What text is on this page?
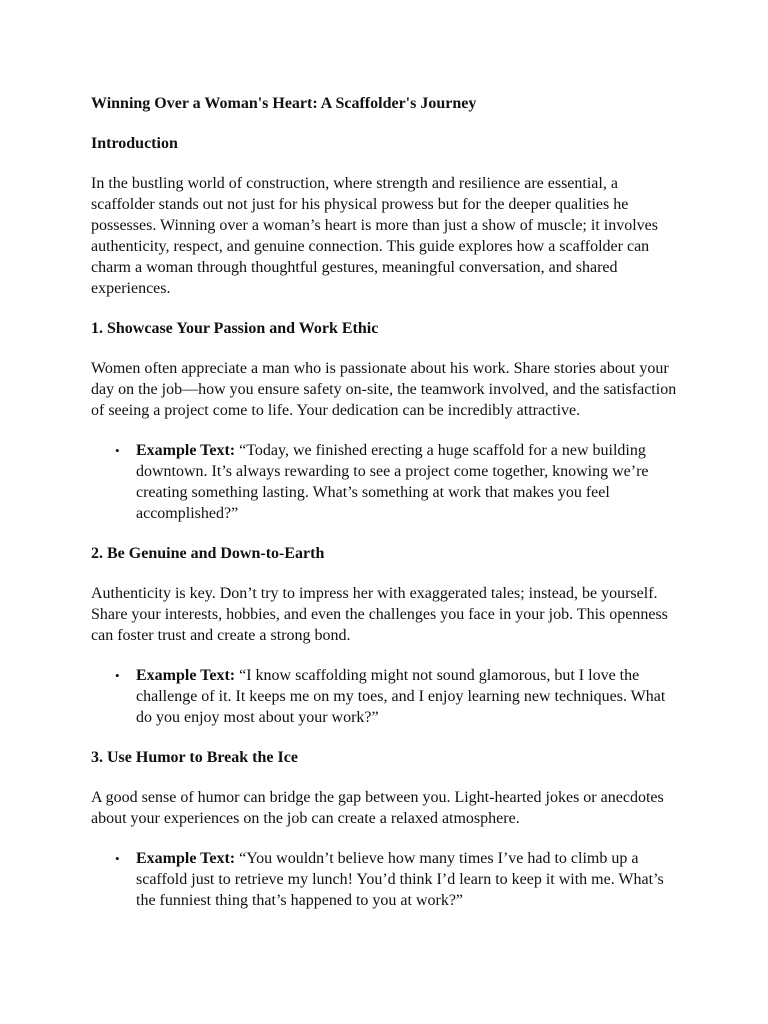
Winning Over a Woman's Heart: A Scaffolder's Journey
Introduction
In the bustling world of construction, where strength and resilience are essential, a scaffolder stands out not just for his physical prowess but for the deeper qualities he possesses. Winning over a woman’s heart is more than just a show of muscle; it involves authenticity, respect, and genuine connection. This guide explores how a scaffolder can charm a woman through thoughtful gestures, meaningful conversation, and shared experiences.
1. Showcase Your Passion and Work Ethic
Women often appreciate a man who is passionate about his work. Share stories about your day on the job—how you ensure safety on-site, the teamwork involved, and the satisfaction of seeing a project come to life. Your dedication can be incredibly attractive.
• Example Text: “Today, we finished erecting a huge scaffold for a new building downtown. It’s always rewarding to see a project come together, knowing we’re creating something lasting. What’s something at work that makes you feel accomplished?”
2. Be Genuine and Down-to-Earth
Authenticity is key. Don’t try to impress her with exaggerated tales; instead, be yourself. Share your interests, hobbies, and even the challenges you face in your job. This openness can foster trust and create a strong bond.
• Example Text: “I know scaffolding might not sound glamorous, but I love the challenge of it. It keeps me on my toes, and I enjoy learning new techniques. What do you enjoy most about your work?”
3. Use Humor to Break the Ice
A good sense of humor can bridge the gap between you. Light-hearted jokes or anecdotes about your experiences on the job can create a relaxed atmosphere.
• Example Text: “You wouldn’t believe how many times I’ve had to climb up a scaffold just to retrieve my lunch! You’d think I’d learn to keep it with me. What’s the funniest thing that’s happened to you at work?”
